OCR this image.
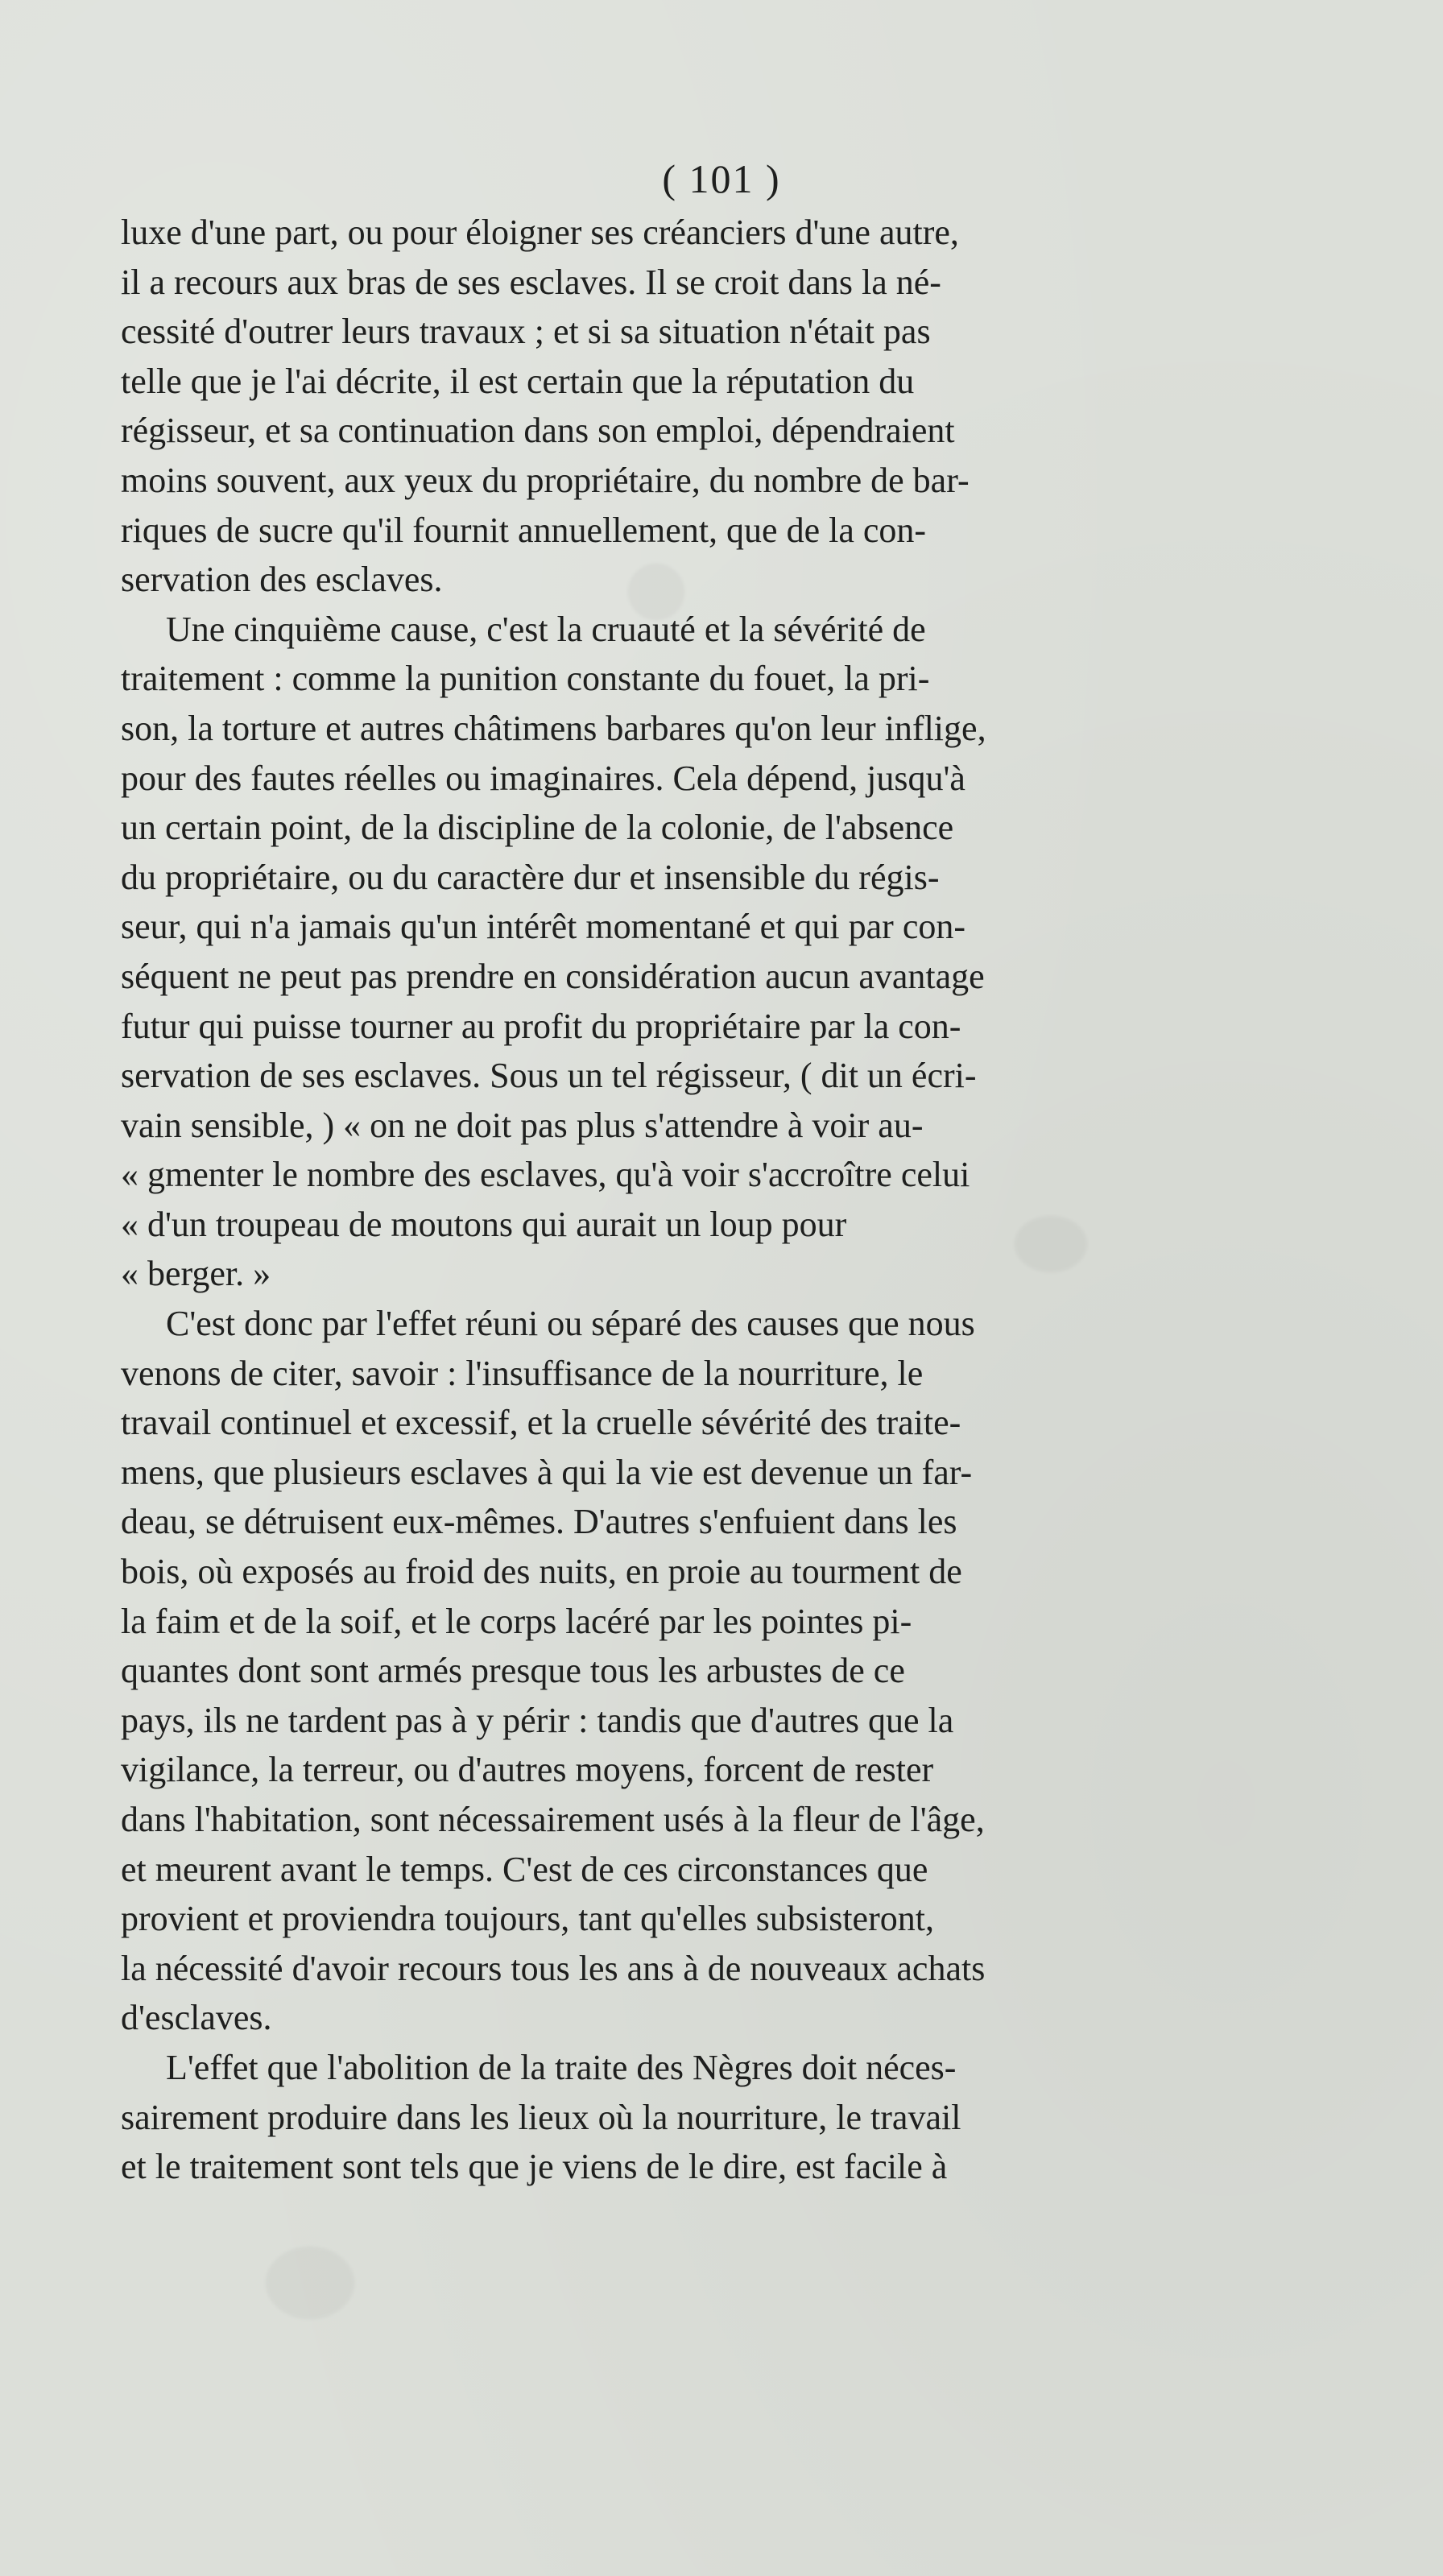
( 101 )

luxe d'une part, ou pour éloigner ses créanciers d'une autre,
il a recours aux bras de ses esclaves. Il se croit dans la né-
cessité d'outrer leurs travaux ; et si sa situation n'était pas
telle que je l'ai décrite, il est certain que la réputation du
régisseur, et sa continuation dans son emploi, dépendraient
moins souvent, aux yeux du propriétaire, du nombre de bar-
riques de sucre qu'il fournit annuellement, que de la con-
servation des esclaves.

Une cinquième cause, c'est la cruauté et la sévérité de
traitement : comme la punition constante du fouet, la pri-
son, la torture et autres châtimens barbares qu'on leur inflige,
pour des fautes réelles ou imaginaires. Cela dépend, jusqu'à
un certain point, de la discipline de la colonie, de l'absence
du propriétaire, ou du caractère dur et insensible du régis-
seur, qui n'a jamais qu'un intérêt momentané et qui par con-
séquent ne peut pas prendre en considération aucun avantage
futur qui puisse tourner au profit du propriétaire par la con-
servation de ses esclaves. Sous un tel régisseur, ( dit un écri-
vain sensible, ) « on ne doit pas plus s'attendre à voir au-
« gmenter le nombre des esclaves, qu'à voir s'accroître celui
« d'un troupeau de moutons qui aurait un loup pour
« berger. »

C'est donc par l'effet réuni ou séparé des causes que nous
venons de citer, savoir : l'insuffisance de la nourriture, le
travail continuel et excessif, et la cruelle sévérité des traite-
mens, que plusieurs esclaves à qui la vie est devenue un far-
deau, se détruisent eux-mêmes. D'autres s'enfuient dans les
bois, où exposés au froid des nuits, en proie au tourment de
la faim et de la soif, et le corps lacéré par les pointes pi-
quantes dont sont armés presque tous les arbustes de ce
pays, ils ne tardent pas à y périr : tandis que d'autres que la
vigilance, la terreur, ou d'autres moyens, forcent de rester
dans l'habitation, sont nécessairement usés à la fleur de l'âge,
et meurent avant le temps. C'est de ces circonstances que
provient et proviendra toujours, tant qu'elles subsisteront,
la nécessité d'avoir recours tous les ans à de nouveaux achats
d'esclaves.

L'effet que l'abolition de la traite des Nègres doit néces-
sairement produire dans les lieux où la nourriture, le travail
et le traitement sont tels que je viens de le dire, est facile à
